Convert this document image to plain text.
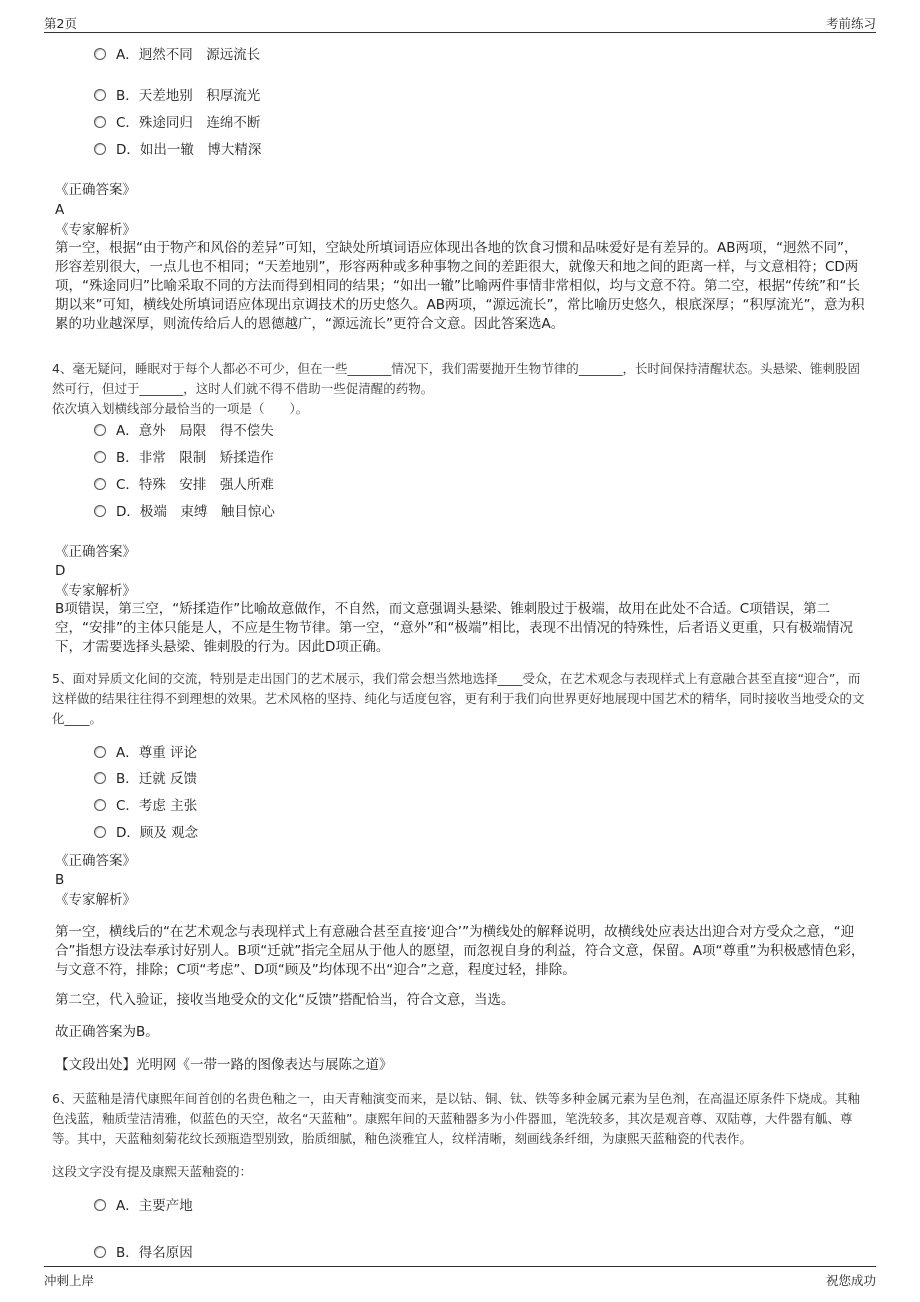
第2页	考前练习
A．迥然不同　源远流长
B．天差地别　积厚流光
C．殊途同归　连绵不断
D．如出一辙　博大精深
《正确答案》
A
《专家解析》
第一空，根据“由于物产和风俗的差异”可知，空缺处所填词语应体现出各地的饮食习惯和品味爱好是有差异的。AB两项，“迥然不同”，形容差别很大，一点儿也不相同；“天差地别”，形容两种或多种事物之间的差距很大，就像天和地之间的距离一样，与文意相符；CD两项，“殊途同归”比喻采取不同的方法而得到相同的结果；“如出一辙”比喻两件事情非常相似，均与文意不符。第二空，根据“传统”和“长期以来”可知，横线处所填词语应体现出京调技术的历史悠久。AB两项，“源远流长”，常比喻历史悠久，根底深厚；“积厚流光”，意为积累的功业越深厚，则流传给后人的恩德越广，“源远流长”更符合文意。因此答案选A。
4、毫无疑问，睡眠对于每个人都必不可少，但在一些_______情况下，我们需要抛开生物节律的_______，长时间保持清醒状态。头悬梁、锥刺股固然可行，但过于_______，这时人们就不得不借助一些促清醒的药物。
依次填入划横线部分最恰当的一项是（　　）。
A．意外　局限　得不偿失
B．非常　限制　矫揉造作
C．特殊　安排　强人所难
D．极端　束缚　触目惊心
《正确答案》
D
《专家解析》
B项错误，第三空，“矫揉造作”比喻故意做作，不自然，而文意强调头悬梁、锥刺股过于极端，故用在此处不合适。C项错误，第二空，“安排”的主体只能是人，不应是生物节律。第一空，“意外”和“极端”相比，表现不出情况的特殊性，后者语义更重，只有极端情况下，才需要选择头悬梁、锥刺股的行为。因此D项正确。
5、面对异质文化间的交流，特别是走出国门的艺术展示，我们常会想当然地选择____受众，在艺术观念与表现样式上有意融合甚至直接“迎合”，而这样做的结果往往得不到理想的效果。艺术风格的坚持、纯化与适度包容，更有利于我们向世界更好地展现中国艺术的精华，同时接收当地受众的文化____。
A．尊重 评论
B．迁就 反馈
C．考虑 主张
D．顾及 观念
《正确答案》
B
《专家解析》
第一空，横线后的“在艺术观念与表现样式上有意融合甚至直接‘迎合’”为横线处的解释说明，故横线处应表达出迎合对方受众之意，“迎合”指想方设法奉承讨好别人。B项“迁就”指完全屈从于他人的愿望，而忽视自身的利益，符合文意，保留。A项“尊重”为积极感情色彩，与文意不符，排除；C项“考虑”、D项“顾及”均体现不出“迎合”之意，程度过轻，排除。
第二空，代入验证，接收当地受众的文化“反馈”搭配恰当，符合文意，当选。
故正确答案为B。
【文段出处】光明网《一带一路的图像表达与展陈之道》
6、天蓝釉是清代康熙年间首创的名贵色釉之一，由天青釉演变而来，是以钴、铜、钛、铁等多种金属元素为呈色剂，在高温还原条件下烧成。其釉色浅蓝，釉质莹洁清雅，似蓝色的天空，故名“天蓝釉”。康熙年间的天蓝釉器多为小件器皿，笔洗较多，其次是观音尊、双陆尊，大件器有觚、尊等。其中，天蓝釉刻菊花纹长颈瓶造型别致，胎质细腻，釉色淡雅宜人，纹样清晰，刻画线条纤细，为康熙天蓝釉瓷的代表作。
这段文字没有提及康熙天蓝釉瓷的：
A．主要产地
B．得名原因
冲刺上岸	祝您成功
